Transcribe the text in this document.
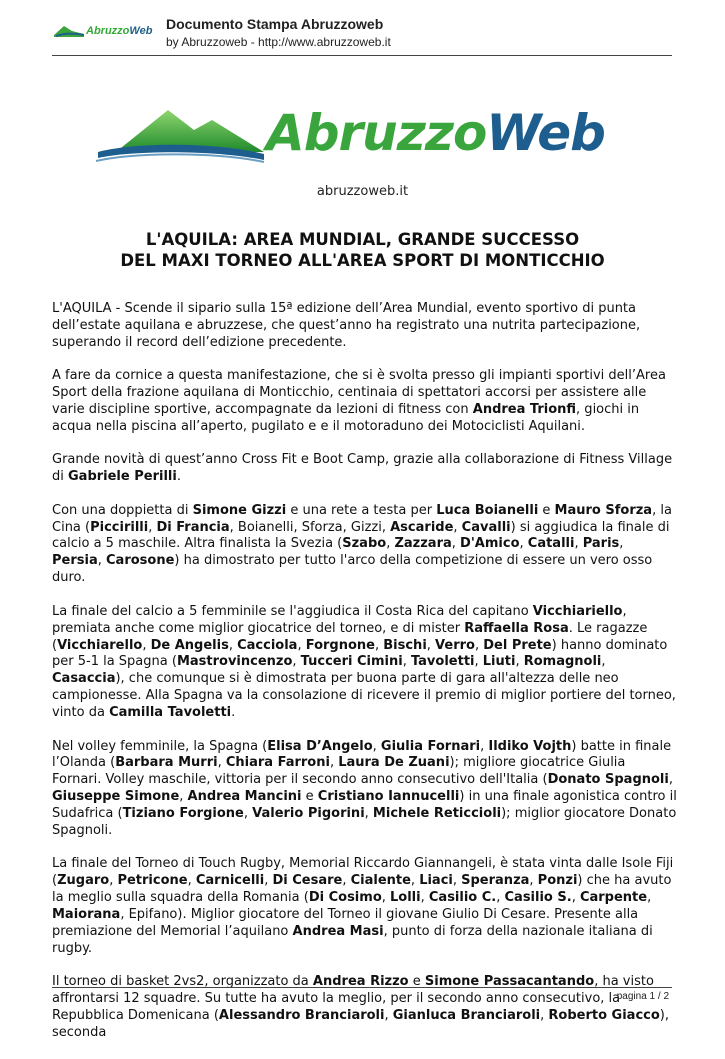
AbruzzoWeb Documento Stampa Abruzzoweb
by Abruzzoweb - http://www.abruzzoweb.it
AbruzzoWeb
abruzzoweb.it
L'AQUILA: AREA MUNDIAL, GRANDE SUCCESSO
DEL MAXI TORNEO ALL'AREA SPORT DI MONTICCHIO

L'AQUILA - Scende il sipario sulla 15ª edizione dell’Area Mundial, evento sportivo di punta dell’estate aquilana e abruzzese, che quest’anno ha registrato una nutrita partecipazione, superando il record dell’edizione precedente.

A fare da cornice a questa manifestazione, che si è svolta presso gli impianti sportivi dell’Area Sport della frazione aquilana di Monticchio, centinaia di spettatori accorsi per assistere alle varie discipline sportive, accompagnate da lezioni di fitness con Andrea Trionfi, giochi in acqua nella piscina all’aperto, pugilato e e il motoraduno dei Motociclisti Aquilani.

Grande novità di quest’anno Cross Fit e Boot Camp, grazie alla collaborazione di Fitness Village di Gabriele Perilli.

Con una doppietta di Simone Gizzi e una rete a testa per Luca Boianelli e Mauro Sforza, la Cina (Piccirilli, Di Francia, Boianelli, Sforza, Gizzi, Ascaride, Cavalli) si aggiudica la finale di calcio a 5 maschile. Altra finalista la Svezia (Szabo, Zazzara, D'Amico, Catalli, Paris, Persia, Carosone) ha dimostrato per tutto l'arco della competizione di essere un vero osso duro.

La finale del calcio a 5 femminile se l'aggiudica il Costa Rica del capitano Vicchiariello, premiata anche come miglior giocatrice del torneo, e di mister Raffaella Rosa. Le ragazze (Vicchiarello, De Angelis, Cacciola, Forgnone, Bischi, Verro, Del Prete) hanno dominato per 5-1 la Spagna (Mastrovincenzo, Tucceri Cimini, Tavoletti, Liuti, Romagnoli, Casaccia), che comunque si è dimostrata per buona parte di gara all'altezza delle neo campionesse. Alla Spagna va la consolazione di ricevere il premio di miglior portiere del torneo, vinto da Camilla Tavoletti.

Nel volley femminile, la Spagna (Elisa D’Angelo, Giulia Fornari, Ildiko Vojth) batte in finale l’Olanda (Barbara Murri, Chiara Farroni, Laura De Zuani); migliore giocatrice Giulia Fornari. Volley maschile, vittoria per il secondo anno consecutivo dell'Italia (Donato Spagnoli, Giuseppe Simone, Andrea Mancini e Cristiano Iannucelli) in una finale agonistica contro il Sudafrica (Tiziano Forgione, Valerio Pigorini, Michele Reticcioli); miglior giocatore Donato Spagnoli.

La finale del Torneo di Touch Rugby, Memorial Riccardo Giannangeli, è stata vinta dalle Isole Fiji (Zugaro, Petricone, Carnicelli, Di Cesare, Cialente, Liaci, Speranza, Ponzi) che ha avuto la meglio sulla squadra della Romania (Di Cosimo, Lolli, Casilio C., Casilio S., Carpente, Maiorana, Epifano). Miglior giocatore del Torneo il giovane Giulio Di Cesare. Presente alla premiazione del Memorial l’aquilano Andrea Masi, punto di forza della nazionale italiana di rugby.

Il torneo di basket 2vs2, organizzato da Andrea Rizzo e Simone Passacantando, ha visto affrontarsi 12 squadre. Su tutte ha avuto la meglio, per il secondo anno consecutivo, la Repubblica Domenicana (Alessandro Branciaroli, Gianluca Branciaroli, Roberto Giacco), seconda

pagina 1 / 2
